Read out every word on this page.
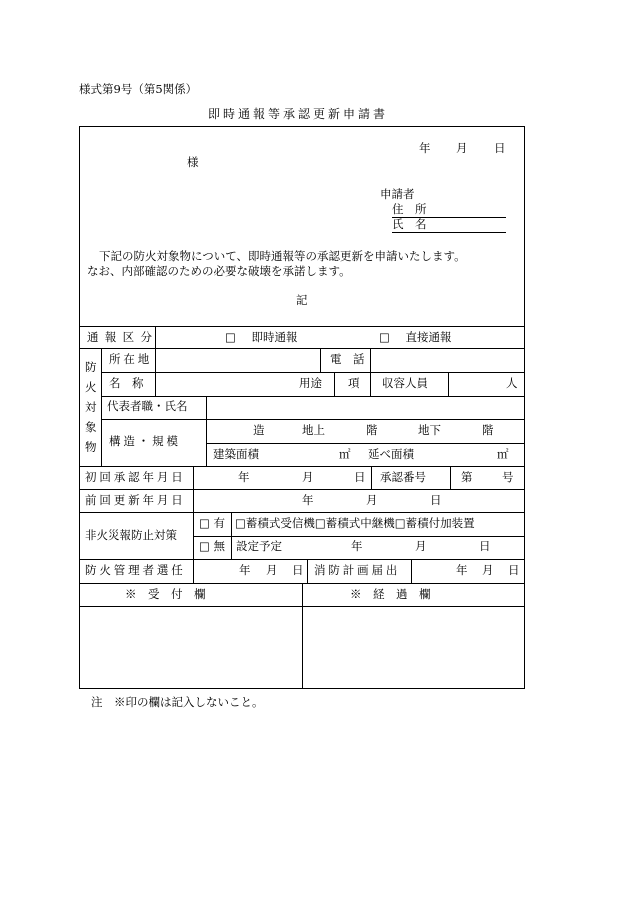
様式第9号（第5関係）
即時通報等承認更新申請書
年 月 日
様
申請者
住　所
氏　名
下記の防火対象物について、即時通報等の承認更新を申請いたします。
なお、内部確認のための必要な破壊を承諾します。
記
通報区分	□ 即時通報	□ 直接通報
防
火
対
象
物
所在地	電　話
名　称	用途 項 収容人員	人
代表者職・氏名
構造・規模
造	地上	階	地下	階
建築面積	㎡ 延べ面積	㎡
初回承認年月日	年	月	日 承認番号	第	号
前回更新年月日	年	月	日
非火災報防止対策
□ 有 □蓄積式受信機□蓄積式中継機□蓄積付加装置
□ 無 設定予定	年	月	日
防火管理者選任	年 月 日 消防計画届出	年 月 日
※　受　付　欄	※　経　過　欄
注　※印の欄は記入しないこと。
